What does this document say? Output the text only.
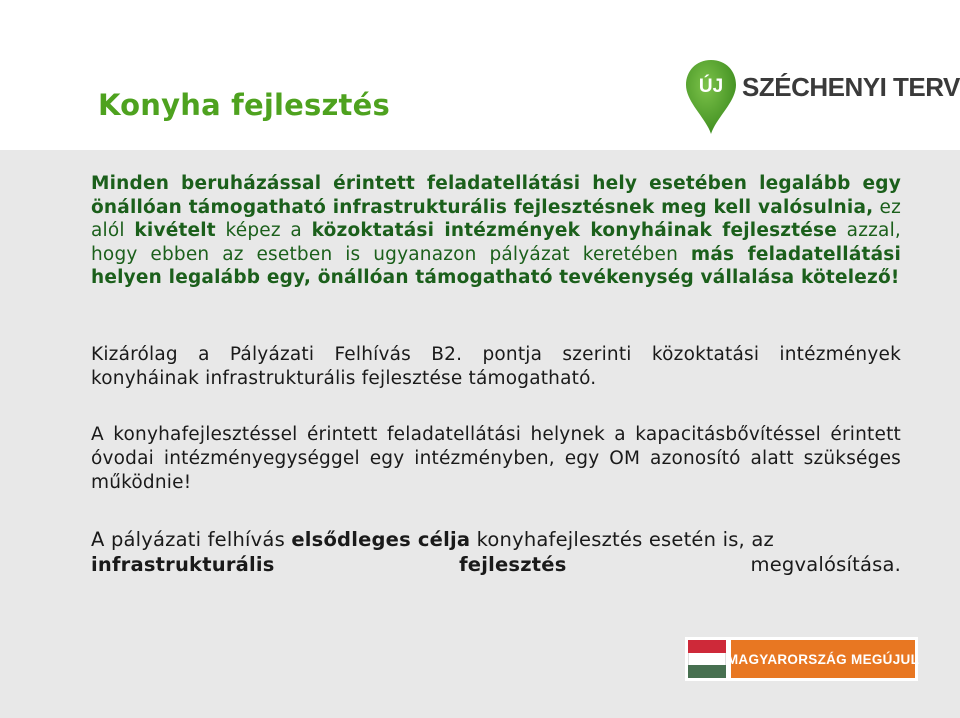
Konyha fejlesztés
ÚJ SZÉCHENYI TERV

Minden beruházással érintett feladatellátási hely esetében legalább egy önállóan támogatható infrastrukturális fejlesztésnek meg kell valósulnia, ez alól kivételt képez a közoktatási intézmények konyháinak fejlesztése azzal, hogy ebben az esetben is ugyanazon pályázat keretében más feladatellátási helyen legalább egy, önállóan támogatható tevékenység vállalása kötelező!

Kizárólag a Pályázati Felhívás B2. pontja szerinti közoktatási intézmények konyháinak infrastrukturális fejlesztése támogatható.

A konyhafejlesztéssel érintett feladatellátási helynek a kapacitásbővítéssel érintett óvodai intézményegységgel egy intézményben, egy OM azonosító alatt szükséges működnie!

A pályázati felhívás elsődleges célja konyhafejlesztés esetén is, az
infrastrukturális fejlesztés megvalósítása.

MAGYARORSZÁG MEGÚJUL
